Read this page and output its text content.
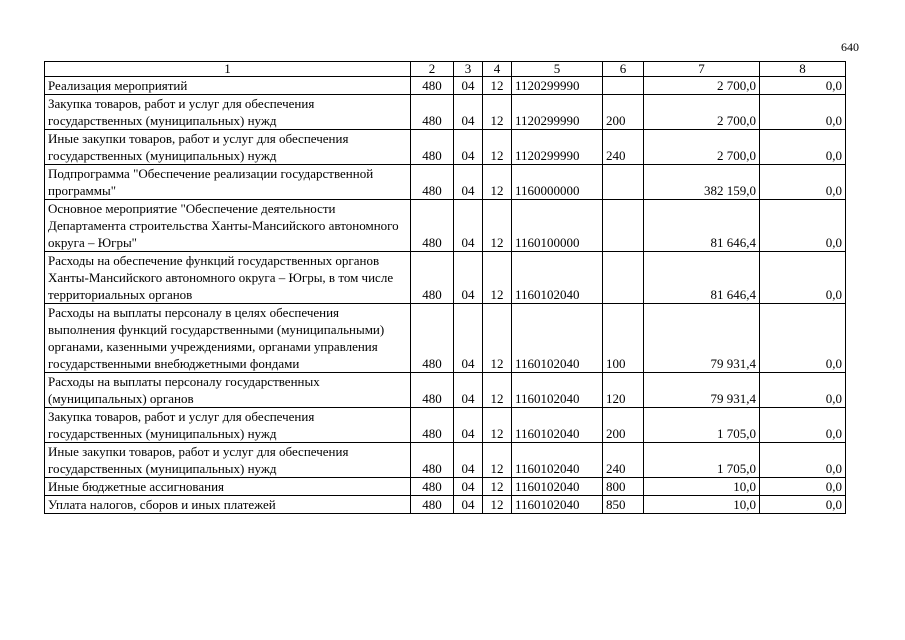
640
1	2	3	4	5	6	7	8
Реализация мероприятий	480	04	12	1120299990		2 700,0	0,0
Закупка товаров, работ и услуг для обеспечения государственных (муниципальных) нужд	480	04	12	1120299990	200	2 700,0	0,0
Иные закупки товаров, работ и услуг для обеспечения государственных (муниципальных) нужд	480	04	12	1120299990	240	2 700,0	0,0
Подпрограмма "Обеспечение реализации государственной программы"	480	04	12	1160000000		382 159,0	0,0
Основное мероприятие "Обеспечение деятельности Департамента строительства Ханты-Мансийского автономного округа – Югры"	480	04	12	1160100000		81 646,4	0,0
Расходы на обеспечение функций государственных органов Ханты-Мансийского автономного округа – Югры, в том числе территориальных органов	480	04	12	1160102040		81 646,4	0,0
Расходы на выплаты персоналу в целях обеспечения выполнения функций государственными (муниципальными) органами, казенными учреждениями, органами управления государственными внебюджетными фондами	480	04	12	1160102040	100	79 931,4	0,0
Расходы на выплаты персоналу государственных (муниципальных) органов	480	04	12	1160102040	120	79 931,4	0,0
Закупка товаров, работ и услуг для обеспечения государственных (муниципальных) нужд	480	04	12	1160102040	200	1 705,0	0,0
Иные закупки товаров, работ и услуг для обеспечения государственных (муниципальных) нужд	480	04	12	1160102040	240	1 705,0	0,0
Иные бюджетные ассигнования	480	04	12	1160102040	800	10,0	0,0
Уплата налогов, сборов и иных платежей	480	04	12	1160102040	850	10,0	0,0
